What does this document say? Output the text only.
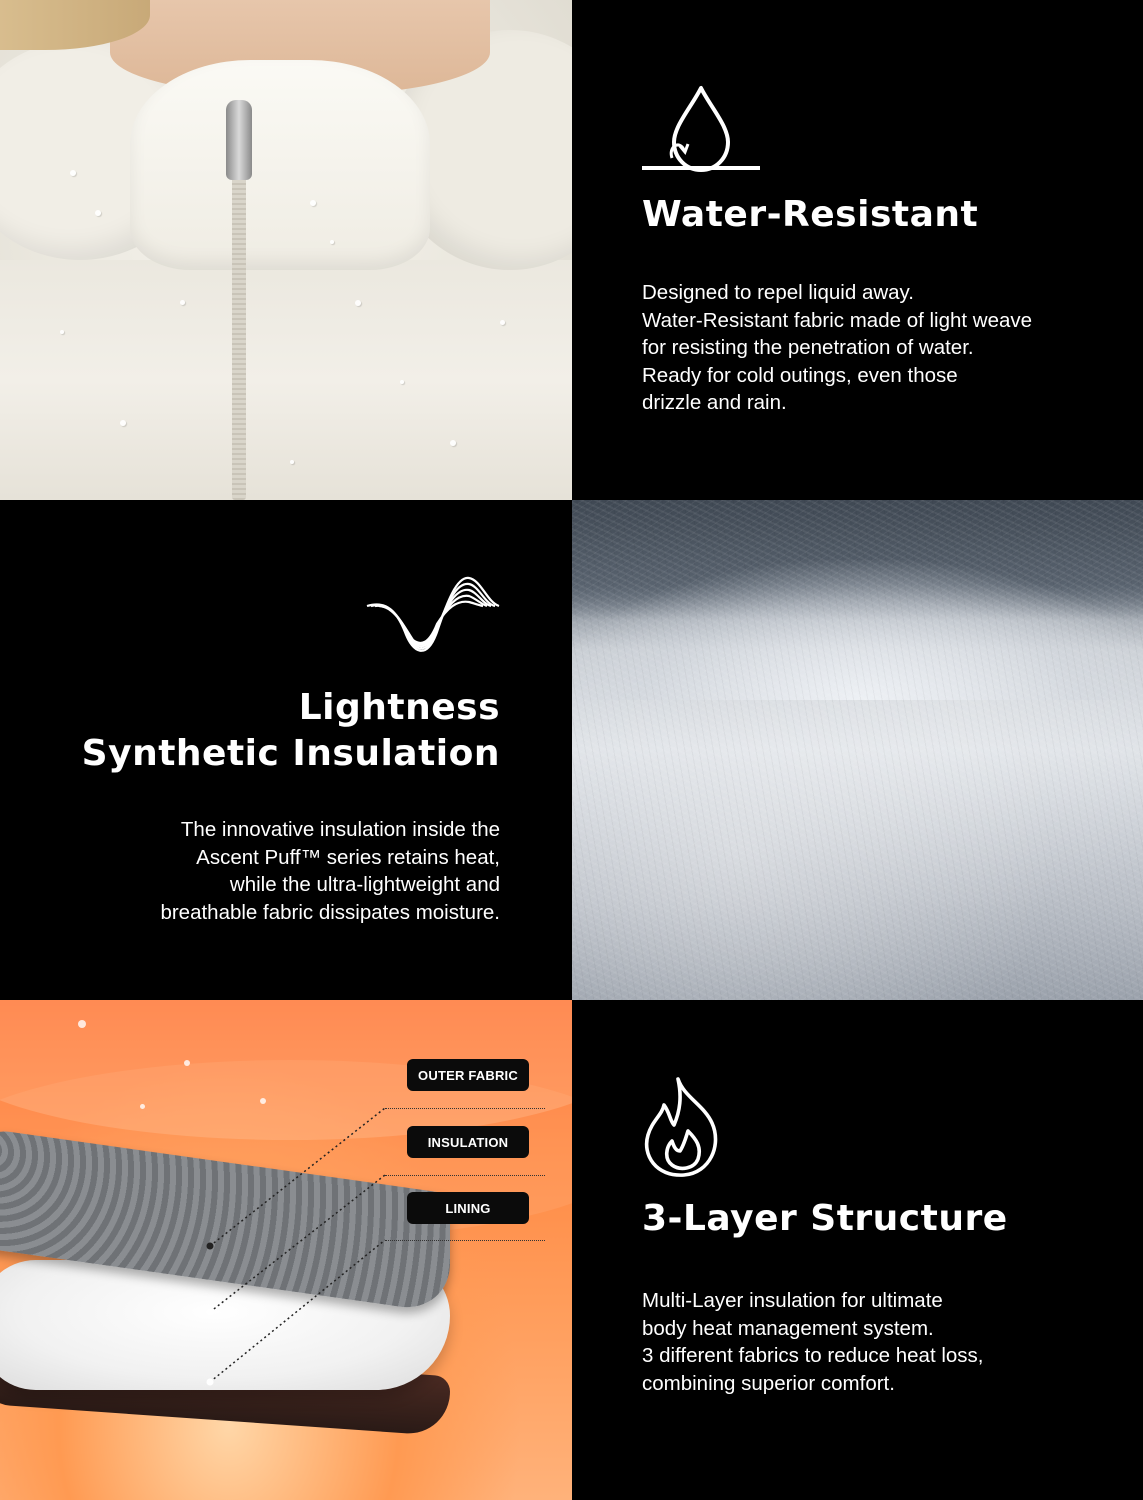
Water-Resistant

Designed to repel liquid away.
Water-Resistant fabric made of light weave
for resisting the penetration of water.
Ready for cold outings, even those
drizzle and rain.

Lightness
Synthetic Insulation

The innovative insulation inside the
Ascent Puff™ series retains heat,
while the ultra-lightweight and
breathable fabric dissipates moisture.

OUTER FABRIC
INSULATION
LINING	3-Layer Structure

Multi-Layer insulation for ultimate
body heat management system.
3 different fabrics to reduce heat loss,
combining superior comfort.
